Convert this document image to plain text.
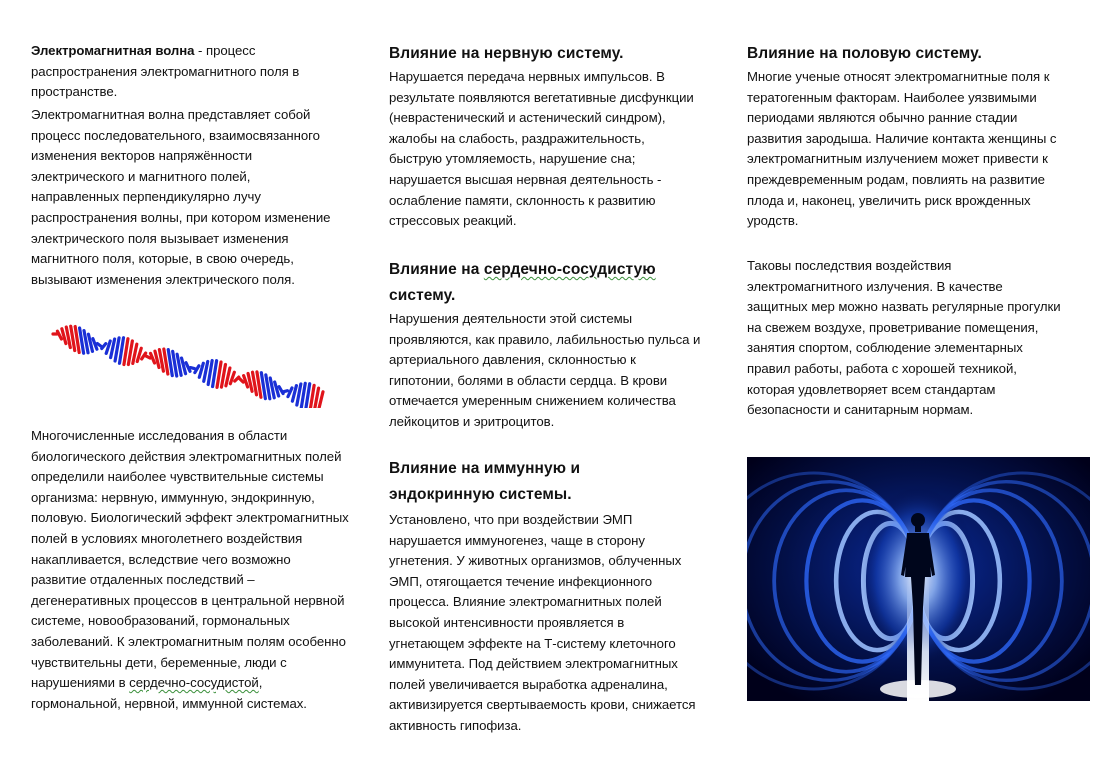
Электромагнитная волна - процесс распространения электромагнитного поля в пространстве.

Электромагнитная волна представляет собой процесс последовательного, взаимосвязанного изменения векторов напряжённости электрического и магнитного полей, направленных перпендикулярно лучу распространения волны, при котором изменение электрического поля вызывает изменения магнитного поля, которые, в свою очередь, вызывают изменения электрического поля.

Многочисленные исследования в области биологического действия электромагнитных полей определили наиболее чувствительные системы организма: нервную, иммунную, эндокринную, половую. Биологический эффект электромагнитных полей в условиях многолетнего воздействия накапливается, вследствие чего возможно развитие отдаленных последствий – дегенеративных процессов в центральной нервной системе, новообразований, гормональных заболеваний. К электромагнитным полям особенно чувствительны дети, беременные, люди с нарушениями в сердечно-сосудистой, гормональной, нервной, иммунной системах.

Влияние на нервную систему.

Нарушается передача нервных импульсов. В результате появляются вегетативные дисфункции (неврастенический и астенический синдром), жалобы на слабость, раздражительность, быструю утомляемость, нарушение сна; нарушается высшая нервная деятельность - ослабление памяти, склонность к развитию стрессовых реакций.

Влияние на сердечно-сосудистую систему.

Нарушения деятельности этой системы проявляются, как правило, лабильностью пульса и артериального давления, склонностью к гипотонии, болями в области сердца. В крови отмечается умеренным снижением количества лейкоцитов и эритроцитов.

Влияние на иммунную и эндокринную системы.

Установлено, что при воздействии ЭМП нарушается иммуногенез, чаще в сторону угнетения. У животных организмов, облученных ЭМП, отягощается течение инфекционного процесса. Влияние электромагнитных полей высокой интенсивности проявляется в угнетающем эффекте на Т-систему клеточного иммунитета. Под действием электромагнитных полей увеличивается выработка адреналина, активизируется свертываемость крови, снижается активность гипофиза.

Влияние на половую систему.

Многие ученые относят электромагнитные поля к тератогенным факторам. Наиболее уязвимыми периодами являются обычно ранние стадии развития зародыша. Наличие контакта женщины с электромагнитным излучением может привести к преждевременным родам, повлиять на развитие плода и, наконец, увеличить риск врожденных уродств.

Таковы последствия воздействия электромагнитного излучения. В качестве защитных мер можно назвать регулярные прогулки на свежем воздухе, проветривание помещения, занятия спортом, соблюдение элементарных правил работы, работа с хорошей техникой, которая удовлетворяет всем стандартам безопасности и санитарным нормам.
